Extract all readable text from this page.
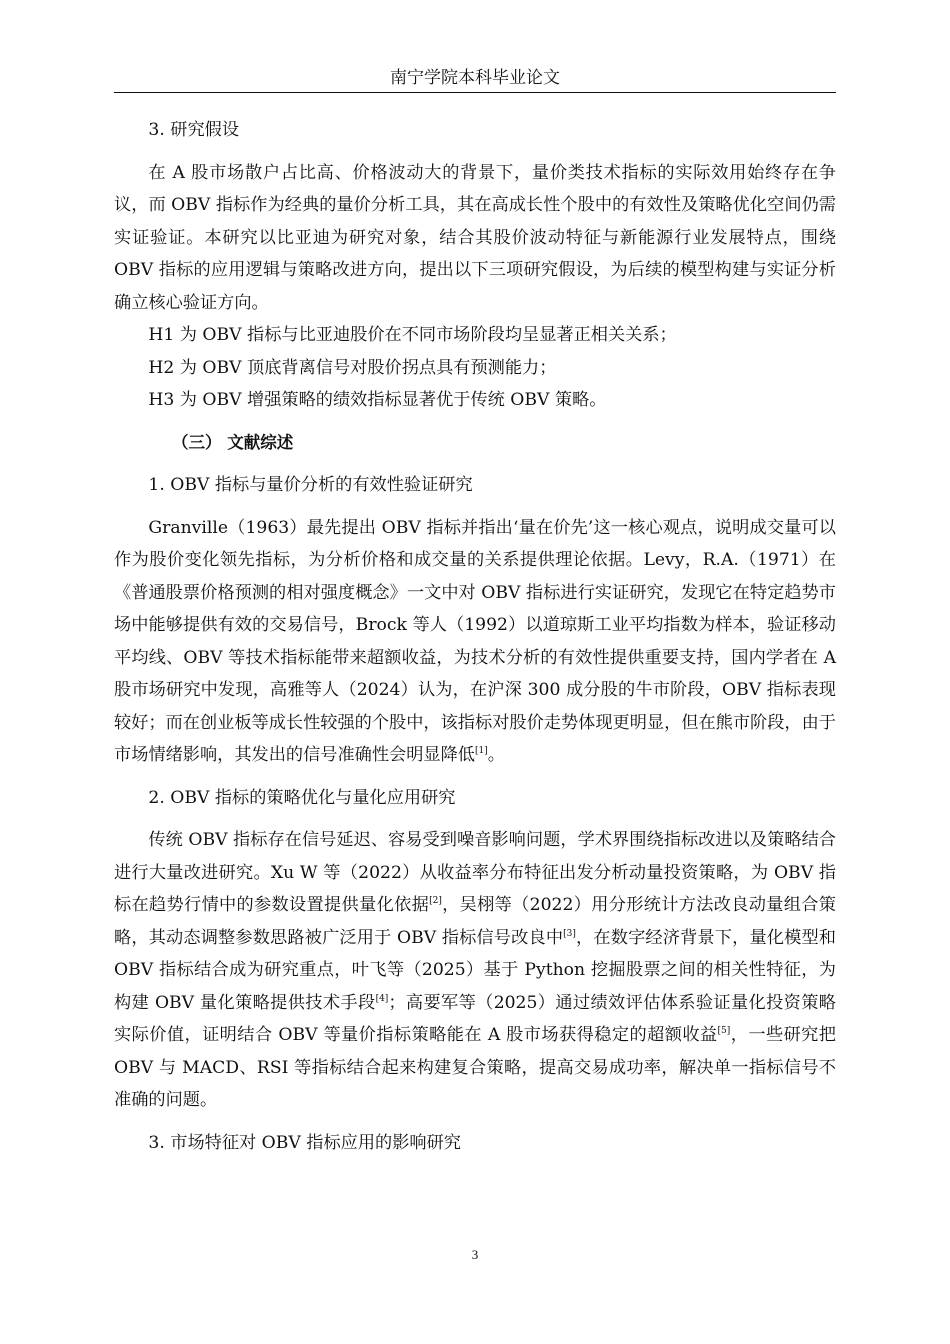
南宁学院本科毕业论文

3. 研究假设

在 A 股市场散户占比高、价格波动大的背景下，量价类技术指标的实际效用始终存在争议，而 OBV 指标作为经典的量价分析工具，其在高成长性个股中的有效性及策略优化空间仍需实证验证。本研究以比亚迪为研究对象，结合其股价波动特征与新能源行业发展特点，围绕 OBV 指标的应用逻辑与策略改进方向，提出以下三项研究假设，为后续的模型构建与实证分析确立核心验证方向。

H1 为 OBV 指标与比亚迪股价在不同市场阶段均呈显著正相关关系；

H2 为 OBV 顶底背离信号对股价拐点具有预测能力；

H3 为 OBV 增强策略的绩效指标显著优于传统 OBV 策略。

（三） 文献综述

1. OBV 指标与量价分析的有效性验证研究

Granville（1963）最先提出 OBV 指标并指出‘量在价先’这一核心观点，说明成交量可以作为股价变化领先指标，为分析价格和成交量的关系提供理论依据。Levy，R.A.（1971）在《普通股票价格预测的相对强度概念》一文中对 OBV 指标进行实证研究，发现它在特定趋势市场中能够提供有效的交易信号，Brock 等人（1992）以道琼斯工业平均指数为样本，验证移动平均线、OBV 等技术指标能带来超额收益，为技术分析的有效性提供重要支持，国内学者在 A 股市场研究中发现，高雅等人（2024）认为，在沪深 300 成分股的牛市阶段，OBV 指标表现较好；而在创业板等成长性较强的个股中，该指标对股价走势体现更明显，但在熊市阶段，由于市场情绪影响，其发出的信号准确性会明显降低[1]。

2. OBV 指标的策略优化与量化应用研究

传统 OBV 指标存在信号延迟、容易受到噪音影响问题，学术界围绕指标改进以及策略结合进行大量改进研究。Xu W 等（2022）从收益率分布特征出发分析动量投资策略，为 OBV 指标在趋势行情中的参数设置提供量化依据[2]，吴栩等（2022）用分形统计方法改良动量组合策略，其动态调整参数思路被广泛用于 OBV 指标信号改良中[3]，在数字经济背景下，量化模型和 OBV 指标结合成为研究重点，叶飞等（2025）基于 Python 挖掘股票之间的相关性特征，为构建 OBV 量化策略提供技术手段[4]；高要军等（2025）通过绩效评估体系验证量化投资策略实际价值，证明结合 OBV 等量价指标策略能在 A 股市场获得稳定的超额收益[5]，一些研究把 OBV 与 MACD、RSI 等指标结合起来构建复合策略，提高交易成功率，解决单一指标信号不准确的问题。

3. 市场特征对 OBV 指标应用的影响研究

3
